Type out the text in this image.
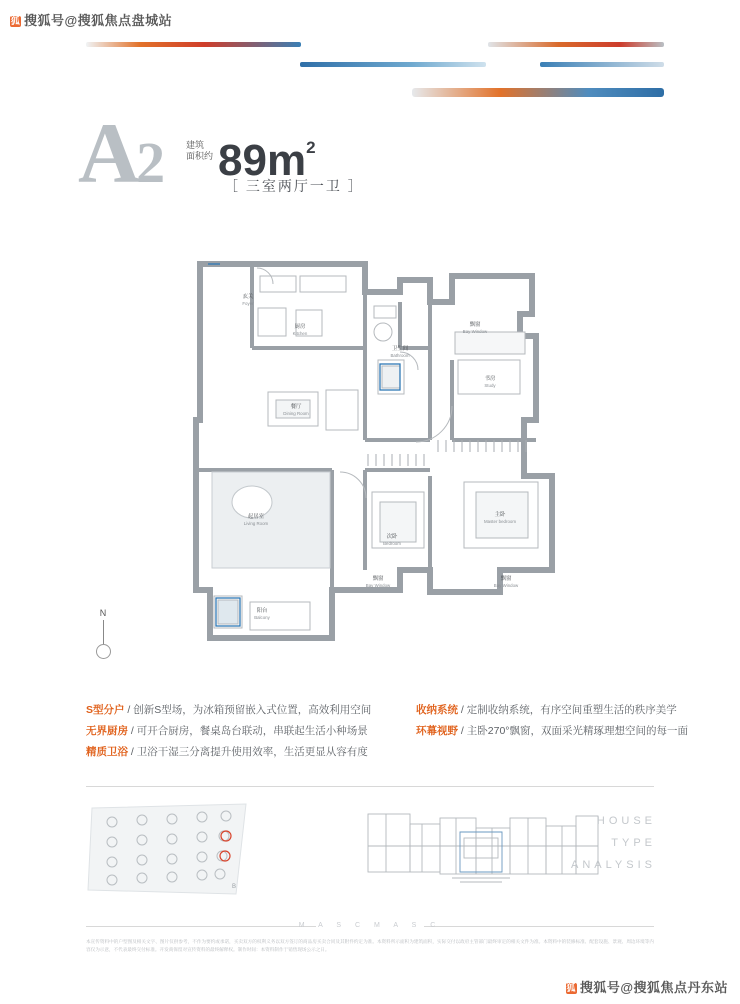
狐 搜狐号@搜狐焦点盘城站
狐 搜狐号@搜狐焦点丹东站
A2	建筑
面积约 $89m^2$
［ 三室两厅一卫 ］
玄关
Foyer
厨房
Kitchen
卫生间
Bathroom
餐厅
Dining Room
起居室
Living Room
阳台
Balcony
次卧
Bedroom
主卧
Master bedroom
书房
Study
飘窗
Bay Window
飘窗
Bay Window
飘窗
Bay Window
N
S型分户 / 创新S型场，为冰箱预留嵌入式位置，高效利用空间
无界厨房 / 可开合厨房，餐桌岛台联动，串联起生活小种场景
精质卫浴 / 卫浴干湿三分离提升使用效率，生活更显从容有度
收纳系统 / 定制收纳系统，有序空间重塑生活的秩序美学
环幕视野 / 主卧270°飘窗，双面采光精琢理想空间的每一面
B
HOUSE
TYPE
ANALYSIS
M A S C M A S C
本宣传资料中的户型图及相关文字、图片仅供参考，不作为要约或承诺，买卖双方的权利义务以双方签订的商品房买卖合同及其附件约定为准。本资料所示面积为建筑面积，实际交付以政府主管部门最终审定的相关文件为准。本资料中的装修标准、配套设施、景观、周边环境等内容仅为示意，不代表最终交付标准。开发商保留对宣传资料的最终解释权。制作时间：本资料制作于销售现场公示之日。
